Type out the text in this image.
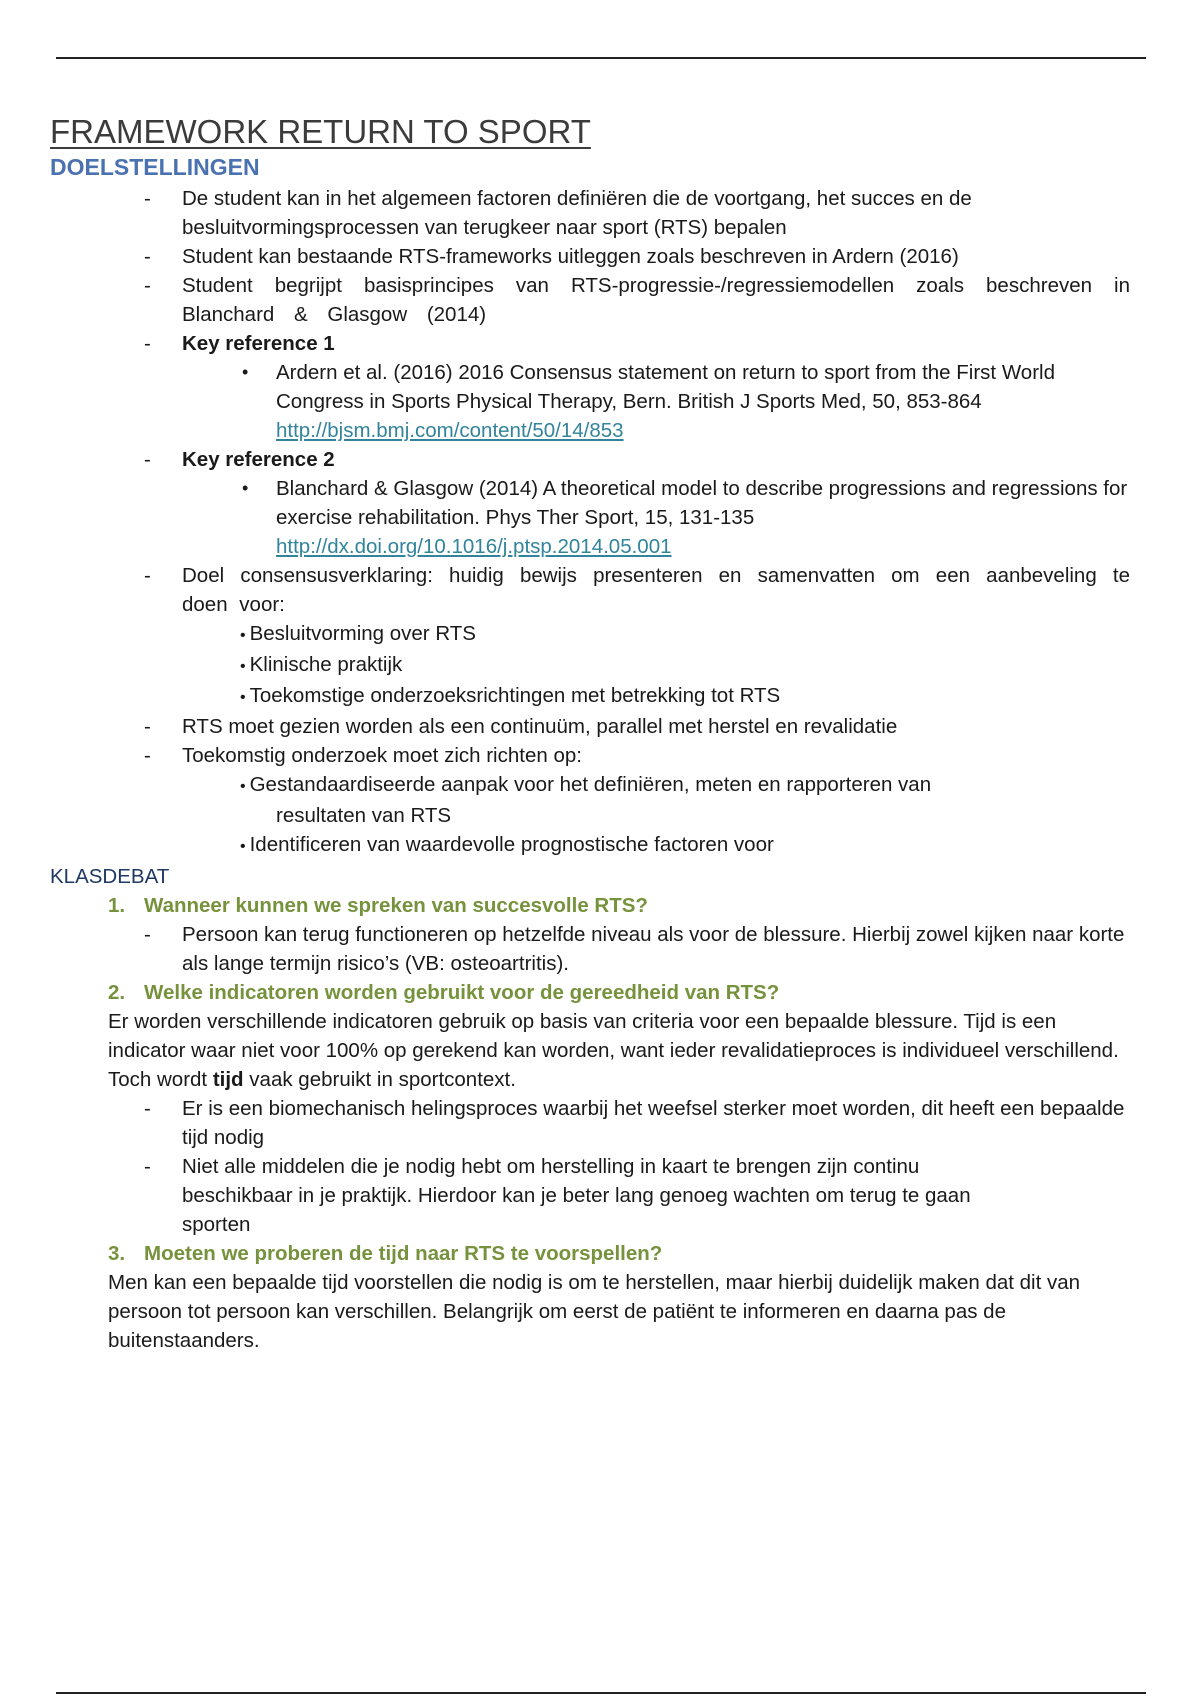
FRAMEWORK RETURN TO SPORT
DOELSTELLINGEN
- De student kan in het algemeen factoren definiëren die de voortgang, het succes en de besluitvormingsprocessen van terugkeer naar sport (RTS) bepalen
- Student kan bestaande RTS-frameworks uitleggen zoals beschreven in Ardern (2016)
- Student begrijpt basisprincipes van RTS-progressie-/regressiemodellen zoals beschreven in Blanchard & Glasgow (2014)
- Key reference 1
• Ardern et al. (2016) 2016 Consensus statement on return to sport from the First World Congress in Sports Physical Therapy, Bern. British J Sports Med, 50, 853-864
http://bjsm.bmj.com/content/50/14/853
- Key reference 2
• Blanchard & Glasgow (2014) A theoretical model to describe progressions and regressions for exercise rehabilitation. Phys Ther Sport, 15, 131-135
http://dx.doi.org/10.1016/j.ptsp.2014.05.001
- Doel consensusverklaring: huidig bewijs presenteren en samenvatten om een aanbeveling te doen voor:
• Besluitvorming over RTS
• Klinische praktijk
• Toekomstige onderzoeksrichtingen met betrekking tot RTS
- RTS moet gezien worden als een continuüm, parallel met herstel en revalidatie
- Toekomstig onderzoek moet zich richten op:
• Gestandaardiseerde aanpak voor het definiëren, meten en rapporteren van resultaten van RTS
• Identificeren van waardevolle prognostische factoren voor
KLASDEBAT
1. Wanneer kunnen we spreken van succesvolle RTS?
- Persoon kan terug functioneren op hetzelfde niveau als voor de blessure. Hierbij zowel kijken naar korte als lange termijn risico’s (VB: osteoartritis).
2. Welke indicatoren worden gebruikt voor de gereedheid van RTS?
Er worden verschillende indicatoren gebruik op basis van criteria voor een bepaalde blessure. Tijd is een indicator waar niet voor 100% op gerekend kan worden, want ieder revalidatieproces is individueel verschillend. Toch wordt tijd vaak gebruikt in sportcontext.
- Er is een biomechanisch helingsproces waarbij het weefsel sterker moet worden, dit heeft een bepaalde tijd nodig
- Niet alle middelen die je nodig hebt om herstelling in kaart te brengen zijn continu beschikbaar in je praktijk. Hierdoor kan je beter lang genoeg wachten om terug te gaan sporten
3. Moeten we proberen de tijd naar RTS te voorspellen?
Men kan een bepaalde tijd voorstellen die nodig is om te herstellen, maar hierbij duidelijk maken dat dit van persoon tot persoon kan verschillen. Belangrijk om eerst de patiënt te informeren en daarna pas de buitenstaanders.
